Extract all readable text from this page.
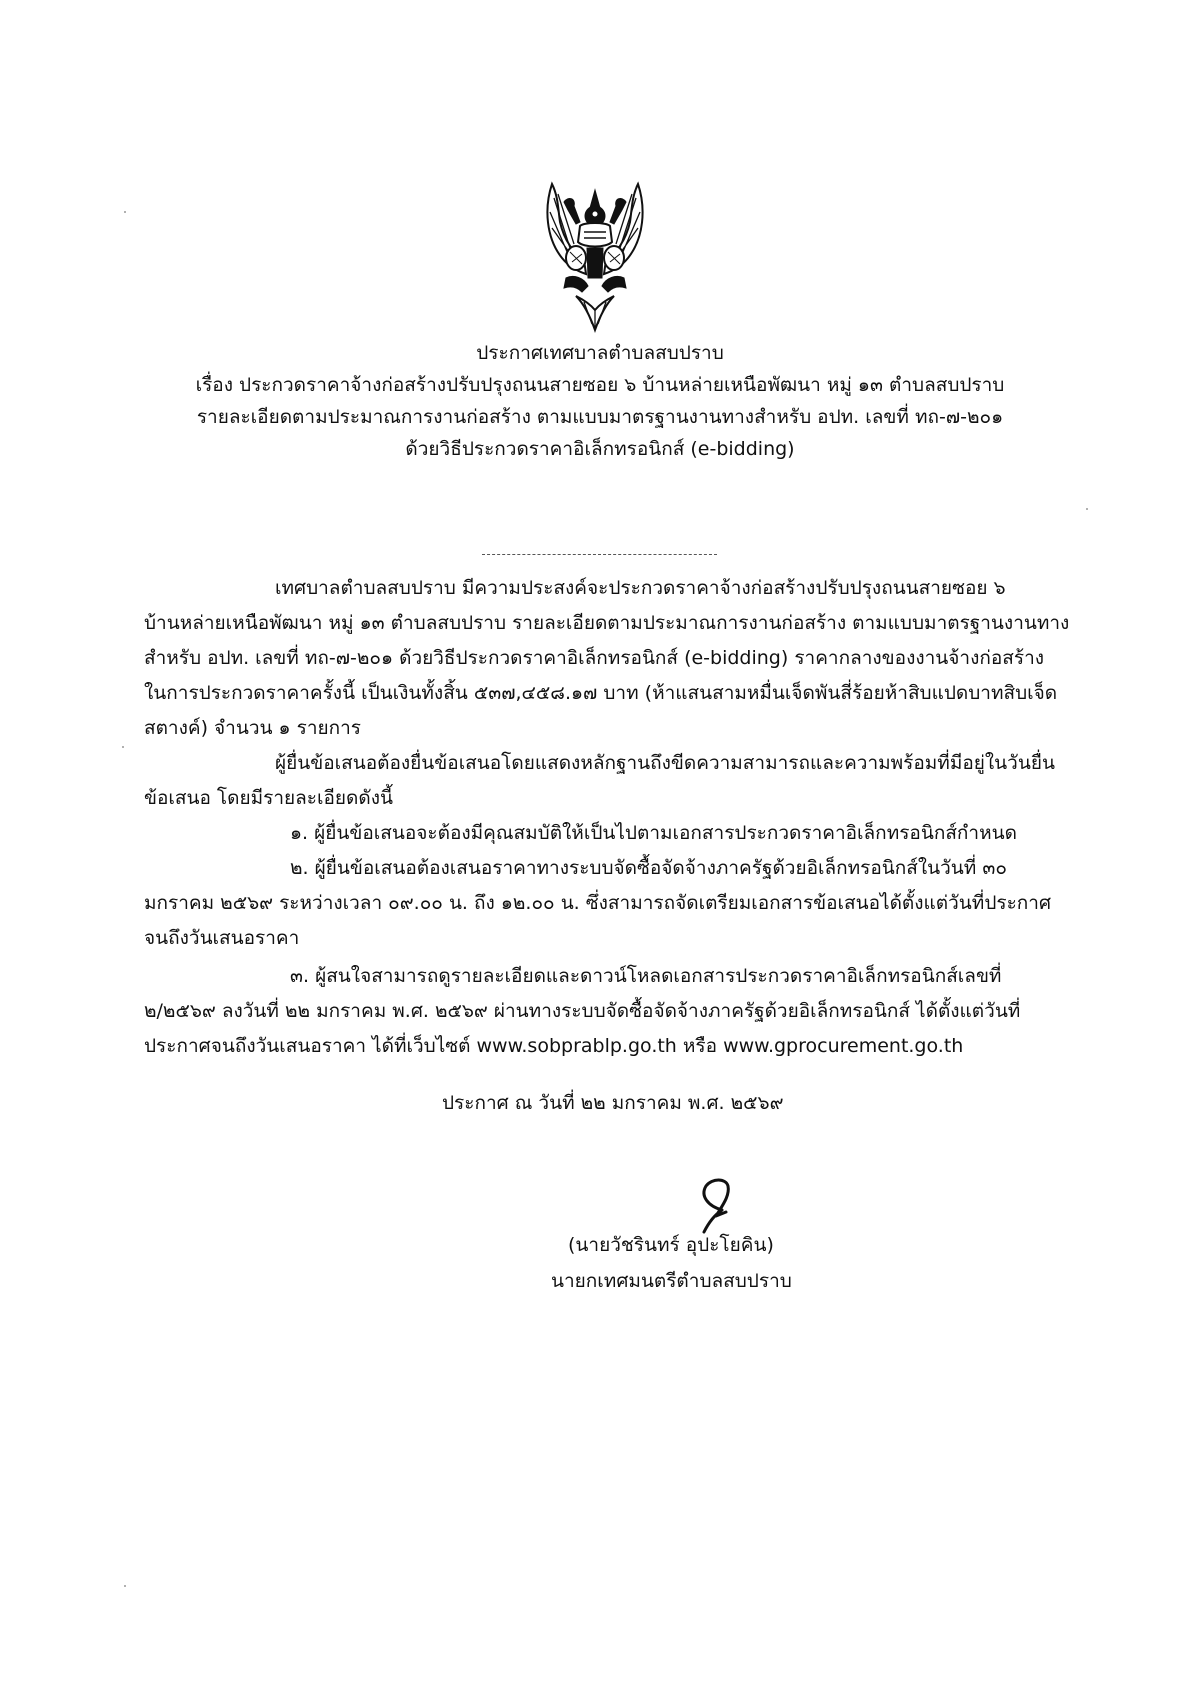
ประกาศเทศบาลตำบลสบปราบ
เรื่อง ประกวดราคาจ้างก่อสร้างปรับปรุงถนนสายซอย ๖ บ้านหล่ายเหนือพัฒนา หมู่ ๑๓ ตำบลสบปราบ
รายละเอียดตามประมาณการงานก่อสร้าง ตามแบบมาตรฐานงานทางสำหรับ อปท. เลขที่ ทถ-๗-๒๐๑
ด้วยวิธีประกวดราคาอิเล็กทรอนิกส์ (e-bidding)
เทศบาลตำบลสบปราบ มีความประสงค์จะประกวดราคาจ้างก่อสร้างปรับปรุงถนนสายซอย ๖
บ้านหล่ายเหนือพัฒนา หมู่ ๑๓ ตำบลสบปราบ รายละเอียดตามประมาณการงานก่อสร้าง ตามแบบมาตรฐานงานทาง
สำหรับ อปท. เลขที่ ทถ-๗-๒๐๑ ด้วยวิธีประกวดราคาอิเล็กทรอนิกส์ (e-bidding) ราคากลางของงานจ้างก่อสร้าง
ในการประกวดราคาครั้งนี้ เป็นเงินทั้งสิ้น ๕๓๗,๔๕๘.๑๗ บาท (ห้าแสนสามหมื่นเจ็ดพันสี่ร้อยห้าสิบแปดบาทสิบเจ็ด
สตางค์) จำนวน ๑ รายการ
ผู้ยื่นข้อเสนอต้องยื่นข้อเสนอโดยแสดงหลักฐานถึงขีดความสามารถและความพร้อมที่มีอยู่ในวันยื่น
ข้อเสนอ โดยมีรายละเอียดดังนี้
๑. ผู้ยื่นข้อเสนอจะต้องมีคุณสมบัติให้เป็นไปตามเอกสารประกวดราคาอิเล็กทรอนิกส์กำหนด
๒. ผู้ยื่นข้อเสนอต้องเสนอราคาทางระบบจัดซื้อจัดจ้างภาครัฐด้วยอิเล็กทรอนิกส์ในวันที่ ๓๐
มกราคม ๒๕๖๙ ระหว่างเวลา ๐๙.๐๐ น. ถึง ๑๒.๐๐ น. ซึ่งสามารถจัดเตรียมเอกสารข้อเสนอได้ตั้งแต่วันที่ประกาศ
จนถึงวันเสนอราคา
๓. ผู้สนใจสามารถดูรายละเอียดและดาวน์โหลดเอกสารประกวดราคาอิเล็กทรอนิกส์เลขที่
๒/๒๕๖๙ ลงวันที่ ๒๒ มกราคม พ.ศ. ๒๕๖๙ ผ่านทางระบบจัดซื้อจัดจ้างภาครัฐด้วยอิเล็กทรอนิกส์ ได้ตั้งแต่วันที่
ประกาศจนถึงวันเสนอราคา ได้ที่เว็บไซต์ www.sobprablp.go.th หรือ www.gprocurement.go.th
ประกาศ ณ วันที่ ๒๒ มกราคม พ.ศ. ๒๕๖๙
(นายวัชรินทร์ อุปะโยคิน)
นายกเทศมนตรีตำบลสบปราบ
